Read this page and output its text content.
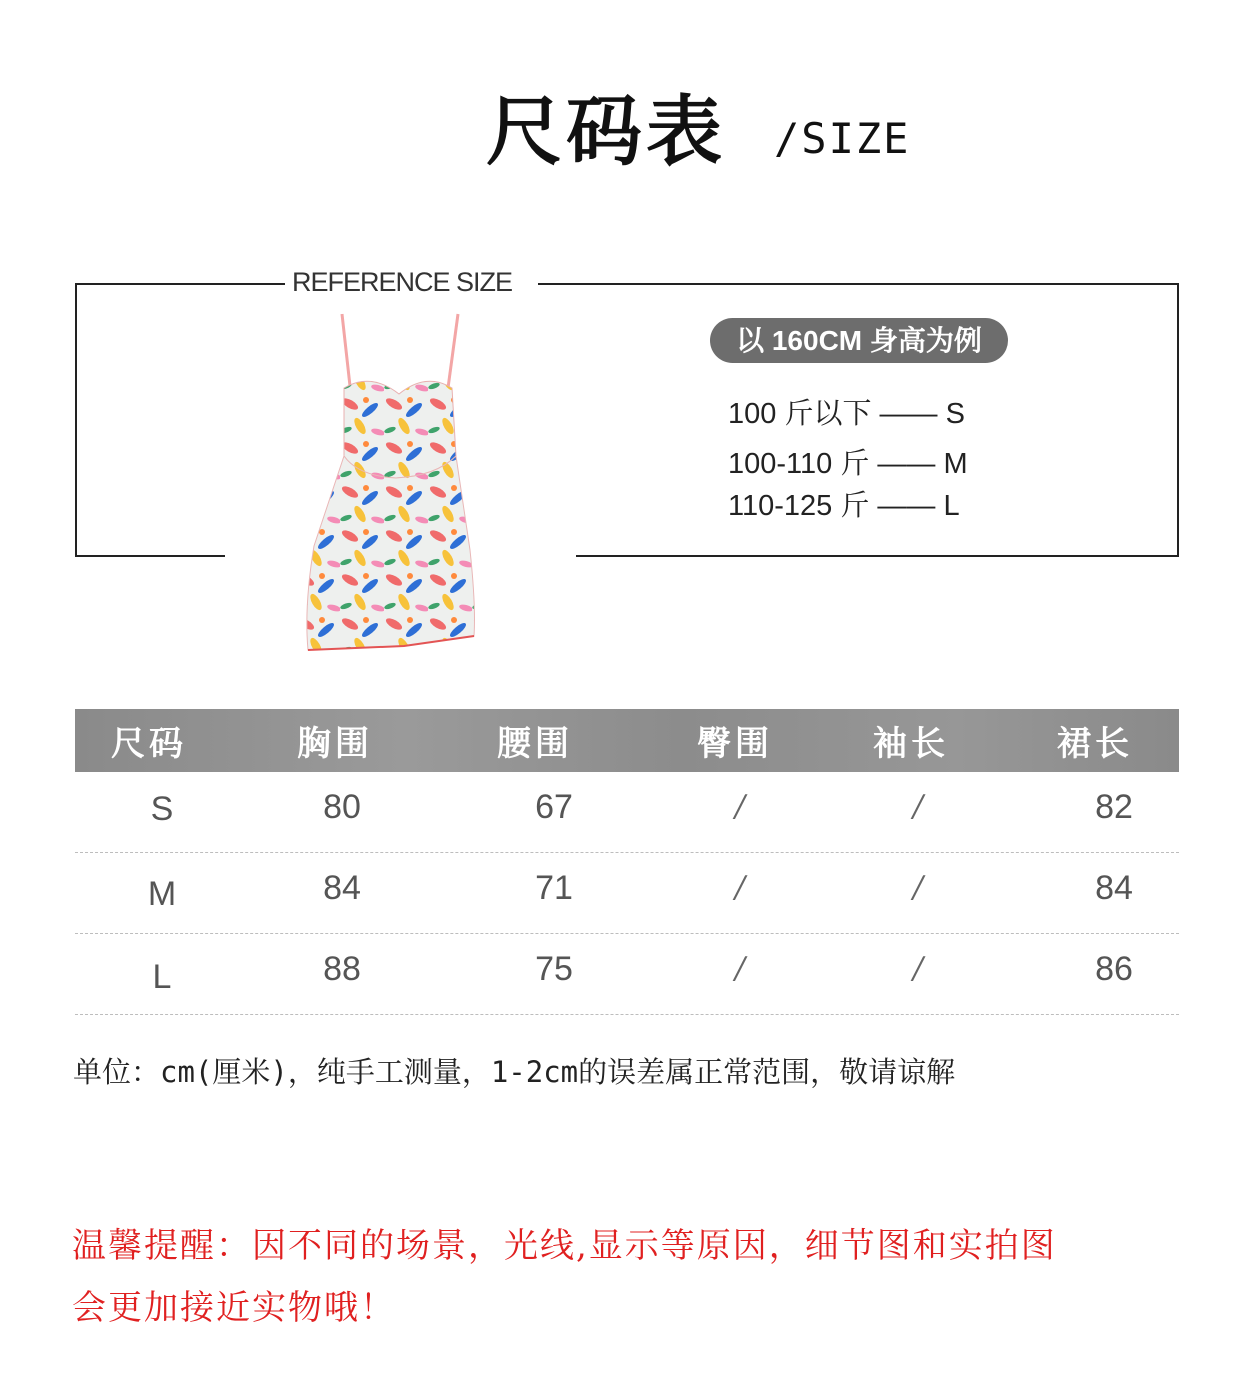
尺码表 /SIZE
REFERENCE SIZE
以 160CM 身高为例
100 斤以下 —— S
100-110 斤 —— M
110-125 斤 —— L
尺码	胸围	腰围	臀围	袖长	裙长
S	80	67	/	/	82
M	84	71	/	/	84
L	88	75	/	/	86
单位：cm(厘米)，纯手工测量，1-2cm的误差属正常范围，敬请谅解
温馨提醒：因不同的场景，光线,显示等原因，细节图和实拍图
会更加接近实物哦！
